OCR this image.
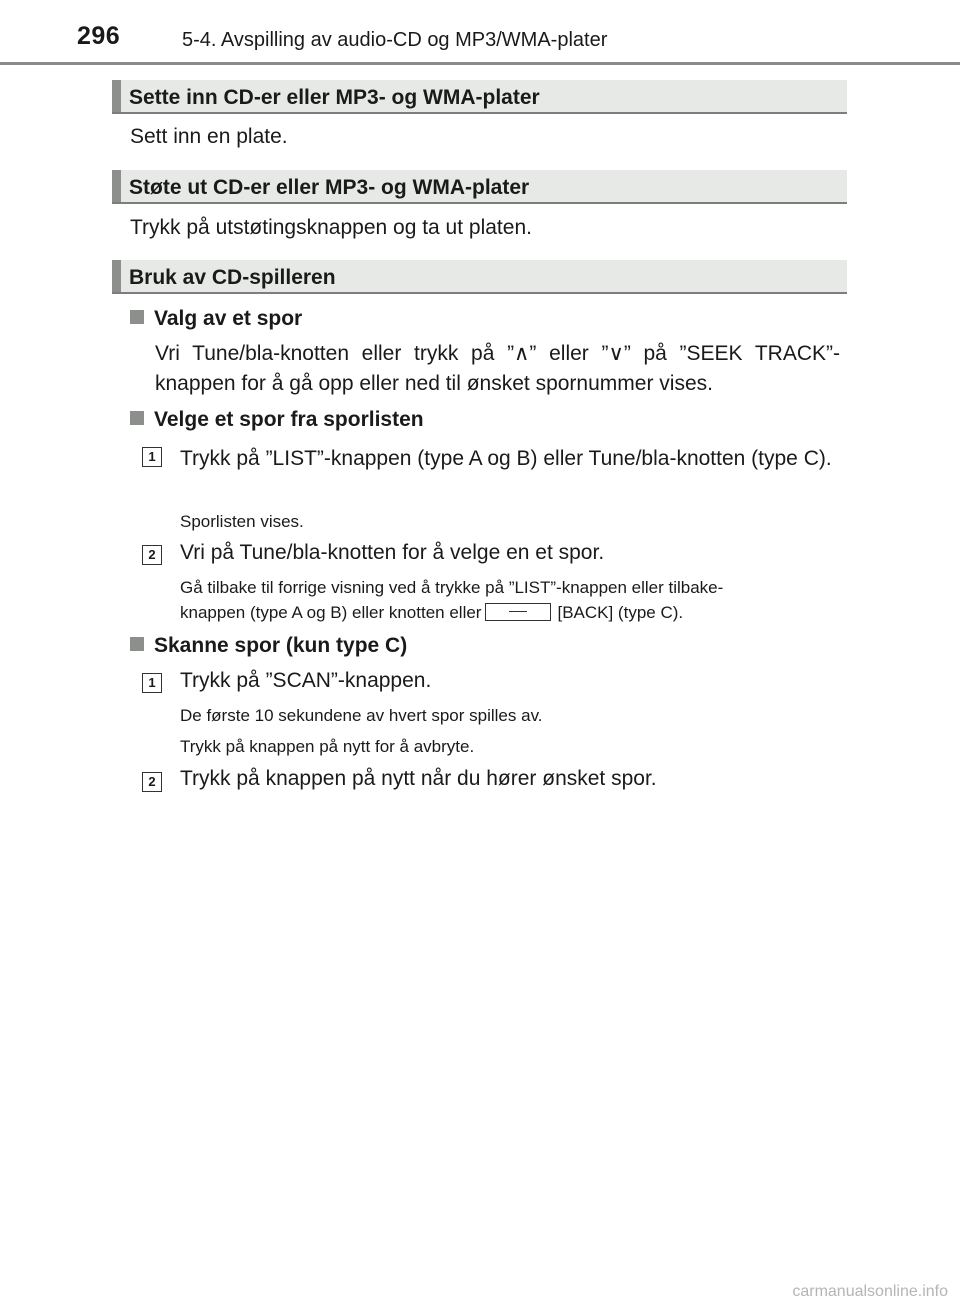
296	5-4. Avspilling av audio-CD og MP3/WMA-plater
Sette inn CD-er eller MP3- og WMA-plater
Sett inn en plate.
Støte ut CD-er eller MP3- og WMA-plater
Trykk på utstøtingsknappen og ta ut platen.
Bruk av CD-spilleren
Valg av et spor
Vri Tune/bla-knotten eller trykk på ”∧” eller ”∨” på ”SEEK TRACK”-
knappen for å gå opp eller ned til ønsket spornummer vises.
Velge et spor fra sporlisten
1	Trykk på ”LIST”-knappen (type A og B) eller Tune/bla-knotten (type C).
Sporlisten vises.
2	Vri på Tune/bla-knotten for å velge en et spor.
Gå tilbake til forrige visning ved å trykke på ”LIST”-knappen eller tilbake-
knappen (type A og B) eller knotten eller	[BACK] (type C).
Skanne spor (kun type C)
1	Trykk på ”SCAN”-knappen.
De første 10 sekundene av hvert spor spilles av.
Trykk på knappen på nytt for å avbryte.
2	Trykk på knappen på nytt når du hører ønsket spor.
carmanualsonline.info
